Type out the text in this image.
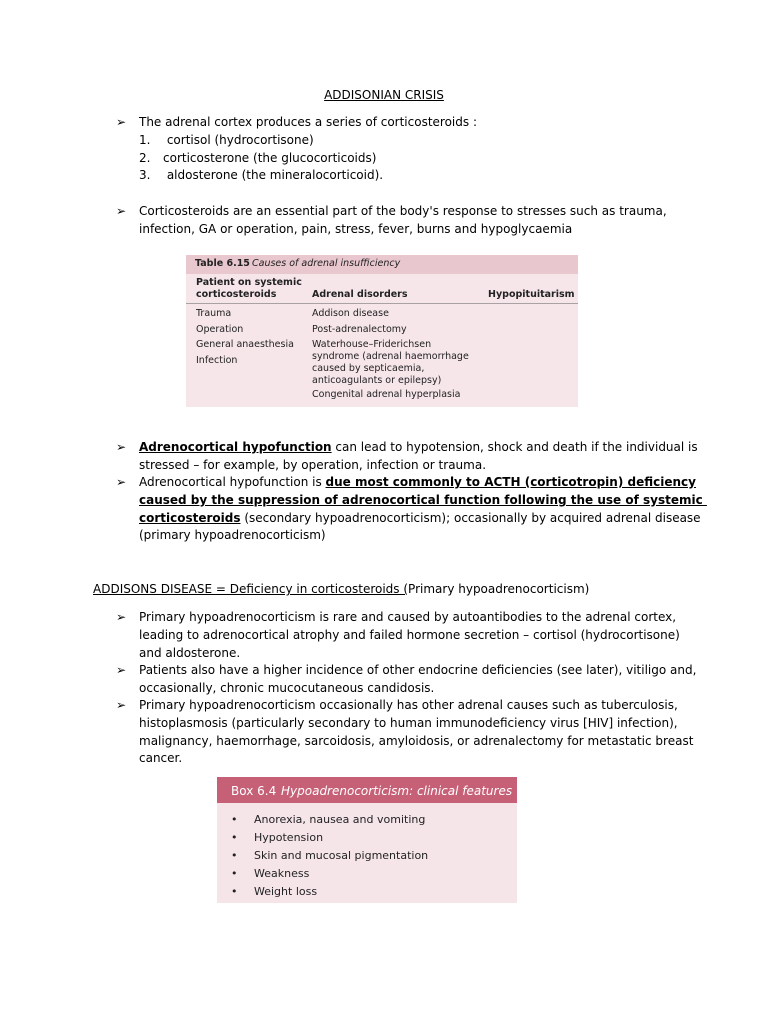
ADDISONIAN CRISIS
➢ The adrenal cortex produces a series of corticosteroids :
1. cortisol (hydrocortisone)
2. corticosterone (the glucocorticoids)
3. aldosterone (the mineralocorticoid).
➢ Corticosteroids are an essential part of the body's response to stresses such as trauma,
infection, GA or operation, pain, stress, fever, burns and hypoglycaemia
Table 6.15 Causes of adrenal insufficiency
Patient on systemic
corticosteroids	Adrenal disorders	Hypopituitarism
Trauma
Operation
General anaesthesia
Infection
Addison disease
Post-adrenalectomy
Waterhouse–Friderichsen
syndrome (adrenal haemorrhage
caused by septicaemia,
anticoagulants or epilepsy)
Congenital adrenal hyperplasia
➢ Adrenocortical hypofunction can lead to hypotension, shock and death if the individual is
stressed – for example, by operation, infection or trauma.
➢ Adrenocortical hypofunction is due most commonly to ACTH (corticotropin) deficiency
caused by the suppression of adrenocortical function following the use of systemic
corticosteroids (secondary hypoadrenocorticism); occasionally by acquired adrenal disease
(primary hypoadrenocorticism)
ADDISONS DISEASE = Deficiency in corticosteroids (Primary hypoadrenocorticism)
➢ Primary hypoadrenocorticism is rare and caused by autoantibodies to the adrenal cortex,
leading to adrenocortical atrophy and failed hormone secretion – cortisol (hydrocortisone)
and aldosterone.
➢ Patients also have a higher incidence of other endocrine deficiencies (see later), vitiligo and,
occasionally, chronic mucocutaneous candidosis.
➢ Primary hypoadrenocorticism occasionally has other adrenal causes such as tuberculosis,
histoplasmosis (particularly secondary to human immunodeficiency virus [HIV] infection),
malignancy, haemorrhage, sarcoidosis, amyloidosis, or adrenalectomy for metastatic breast
cancer.
Box 6.4 Hypoadrenocorticism: clinical features
• Anorexia, nausea and vomiting
• Hypotension
• Skin and mucosal pigmentation
• Weakness
• Weight loss
